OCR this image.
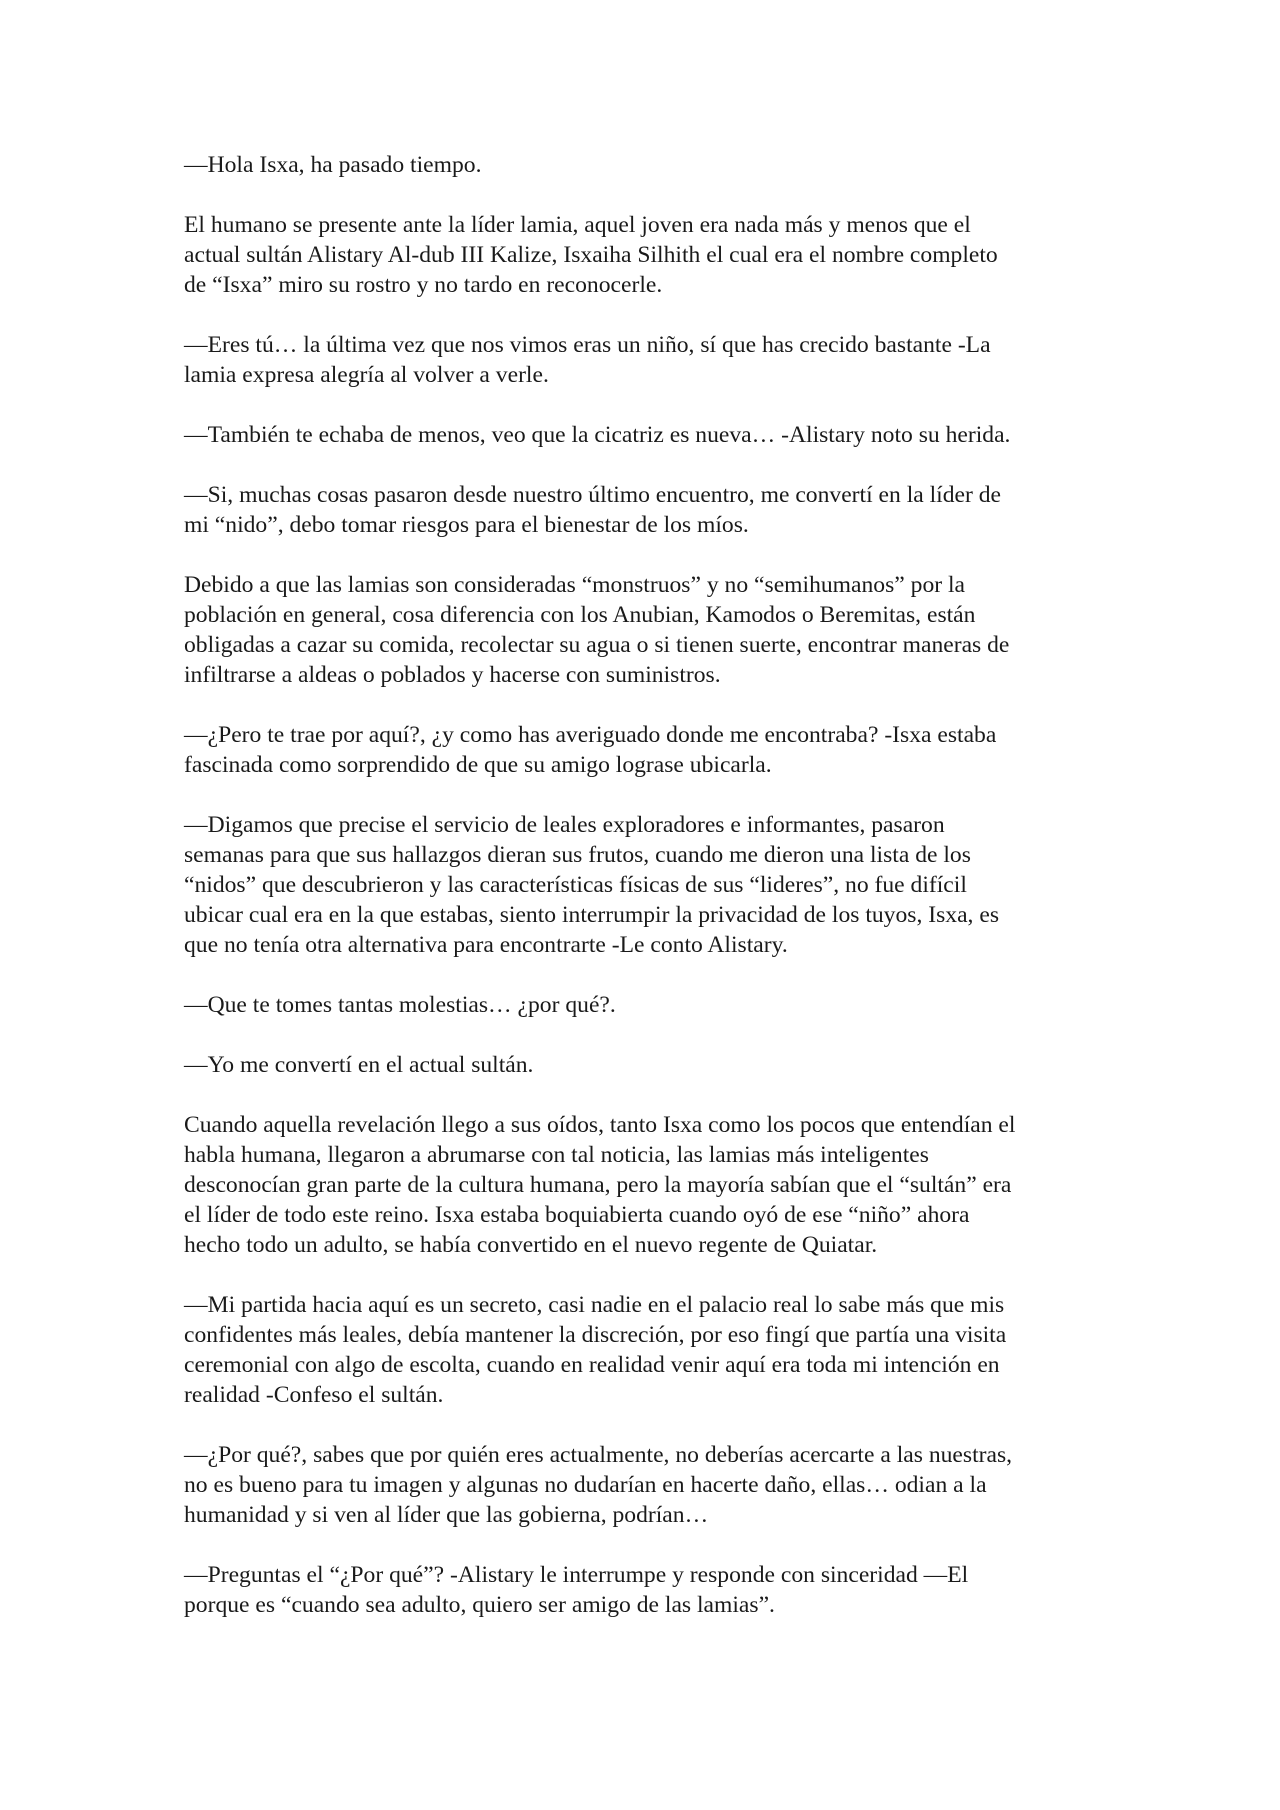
—Hola Isxa, ha pasado tiempo.

El humano se presente ante la líder lamia, aquel joven era nada más y menos que el
actual sultán Alistary Al-dub III Kalize, Isxaiha Silhith el cual era el nombre completo
de “Isxa” miro su rostro y no tardo en reconocerle.

—Eres tú… la última vez que nos vimos eras un niño, sí que has crecido bastante -La
lamia expresa alegría al volver a verle.

—También te echaba de menos, veo que la cicatriz es nueva… -Alistary noto su herida.

—Si, muchas cosas pasaron desde nuestro último encuentro, me convertí en la líder de
mi “nido”, debo tomar riesgos para el bienestar de los míos.

Debido a que las lamias son consideradas “monstruos” y no “semihumanos” por la
población en general, cosa diferencia con los Anubian, Kamodos o Beremitas, están
obligadas a cazar su comida, recolectar su agua o si tienen suerte, encontrar maneras de
infiltrarse a aldeas o poblados y hacerse con suministros.

—¿Pero te trae por aquí?, ¿y como has averiguado donde me encontraba? -Isxa estaba
fascinada como sorprendido de que su amigo lograse ubicarla.

—Digamos que precise el servicio de leales exploradores e informantes, pasaron
semanas para que sus hallazgos dieran sus frutos, cuando me dieron una lista de los
“nidos” que descubrieron y las características físicas de sus “lideres”, no fue difícil
ubicar cual era en la que estabas, siento interrumpir la privacidad de los tuyos, Isxa, es
que no tenía otra alternativa para encontrarte -Le conto Alistary.

—Que te tomes tantas molestias… ¿por qué?.

—Yo me convertí en el actual sultán.

Cuando aquella revelación llego a sus oídos, tanto Isxa como los pocos que entendían el
habla humana, llegaron a abrumarse con tal noticia, las lamias más inteligentes
desconocían gran parte de la cultura humana, pero la mayoría sabían que el “sultán” era
el líder de todo este reino. Isxa estaba boquiabierta cuando oyó de ese “niño” ahora
hecho todo un adulto, se había convertido en el nuevo regente de Quiatar.

—Mi partida hacia aquí es un secreto, casi nadie en el palacio real lo sabe más que mis
confidentes más leales, debía mantener la discreción, por eso fingí que partía una visita
ceremonial con algo de escolta, cuando en realidad venir aquí era toda mi intención en
realidad -Confeso el sultán.

—¿Por qué?, sabes que por quién eres actualmente, no deberías acercarte a las nuestras,
no es bueno para tu imagen y algunas no dudarían en hacerte daño, ellas… odian a la
humanidad y si ven al líder que las gobierna, podrían…

—Preguntas el “¿Por qué”? -Alistary le interrumpe y responde con sinceridad —El
porque es “cuando sea adulto, quiero ser amigo de las lamias”.
